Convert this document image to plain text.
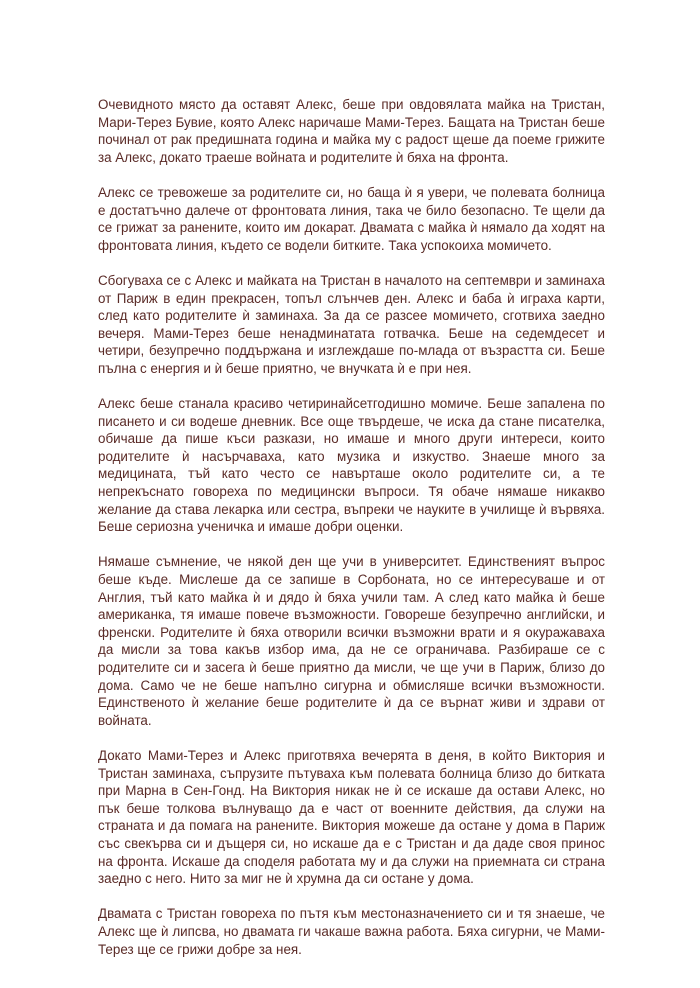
Очевидното място да оставят Алекс, беше при овдовялата майка на Тристан, Мари-Терез Бувие, която Алекс наричаше Мами-Терез. Бащата на Тристан беше починал от рак предишната година и майка му с радост щеше да поеме грижите за Алекс, докато траеше войната и родителите ѝ бяха на фронта.

Алекс се тревожеше за родителите си, но баща ѝ я увери, че полевата болница е достатъчно далече от фронтовата линия, така че било безопасно. Те щели да се грижат за ранените, които им докарат. Двамата с майка ѝ нямало да ходят на фронтовата линия, където се водели битките. Така успокоиха момичето.

Сбогуваха се с Алекс и майката на Тристан в началото на септември и заминаха от Париж в един прекрасен, топъл слънчев ден. Алекс и баба ѝ играха карти, след като родителите ѝ заминаха. За да се разсее момичето, сготвиха заедно вечеря. Мами-Терез беше ненадминатата готвачка. Беше на седемдесет и четири, безупречно поддържана и изглеждаше по-млада от възрастта си. Беше пълна с енергия и ѝ беше приятно, че внучката ѝ е при нея.

Алекс беше станала красиво четиринайсетгодишно момиче. Беше запалена по писането и си водеше дневник. Все още твърдеше, че иска да стане писателка, обичаше да пише къси разкази, но имаше и много други интереси, които родителите ѝ насърчаваха, като музика и изкуство. Знаеше много за медицината, тъй като често се навърташе около родителите си, а те непрекъснато говореха по медицински въпроси. Тя обаче нямаше никакво желание да става лекарка или сестра, въпреки че науките в училище ѝ вървяха. Беше сериозна ученичка и имаше добри оценки.

Нямаше съмнение, че някой ден ще учи в университет. Единственият въпрос беше къде. Мислеше да се запише в Сорбоната, но се интересуваше и от Англия, тъй като майка ѝ и дядо ѝ бяха учили там. А след като майка ѝ беше американка, тя имаше повече възможности. Говореше безупречно английски, и френски. Родителите ѝ бяха отворили всички възможни врати и я окуражаваха да мисли за това какъв избор има, да не се ограничава. Разбираше се с родителите си и засега ѝ беше приятно да мисли, че ще учи в Париж, близо до дома. Само че не беше напълно сигурна и обмисляше всички възможности. Единственото ѝ желание беше родителите ѝ да се върнат живи и здрави от войната.

Докато Мами-Терез и Алекс приготвяха вечерята в деня, в който Виктория и Тристан заминаха, съпрузите пътуваха към полевата болница близо до битката при Марна в Сен-Гонд. На Виктория никак не ѝ се искаше да остави Алекс, но пък беше толкова вълнуващо да е част от военните действия, да служи на страната и да помага на ранените. Виктория можеше да остане у дома в Париж със свекърва си и дъщеря си, но искаше да е с Тристан и да даде своя принос на фронта. Искаше да споделя работата му и да служи на приемната си страна заедно с него. Нито за миг не ѝ хрумна да си остане у дома.

Двамата с Тристан говореха по пътя към местоназначението си и тя знаеше, че Алекс ще ѝ липсва, но двамата ги чакаше важна работа. Бяха сигурни, че Мами-Терез ще се грижи добре за нея.
